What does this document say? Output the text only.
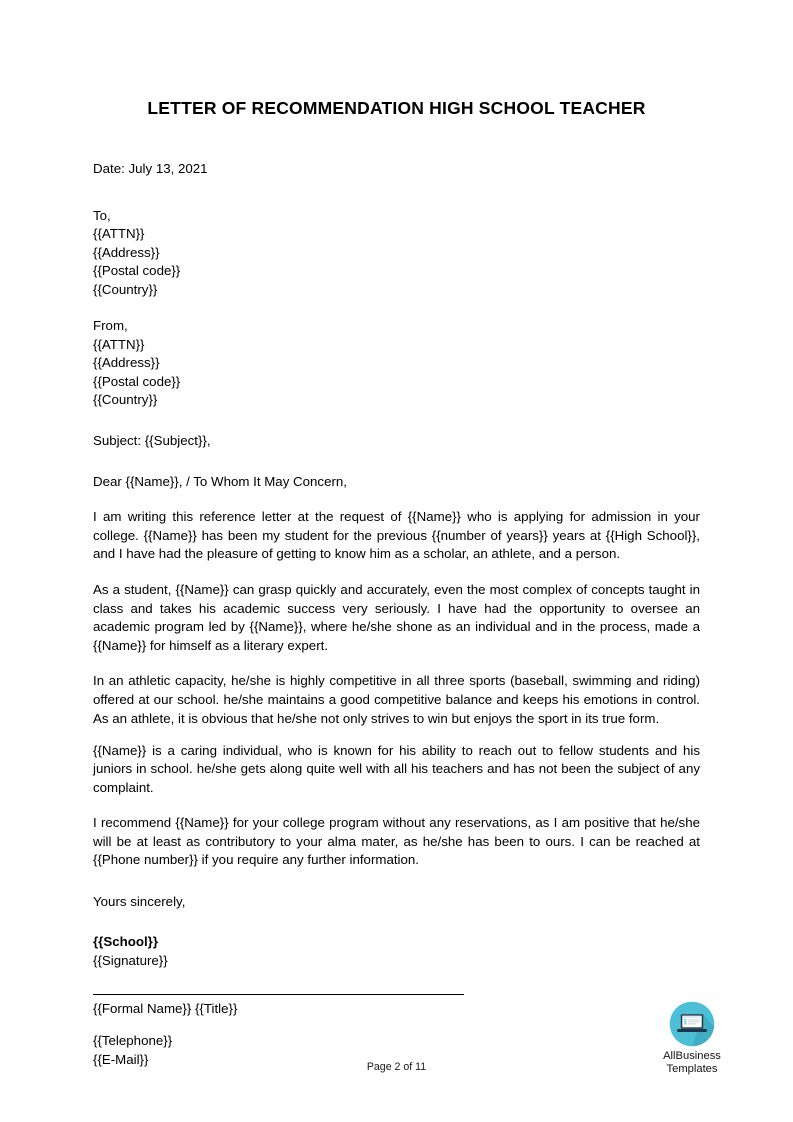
LETTER OF RECOMMENDATION HIGH SCHOOL TEACHER
Date: July 13, 2021
To,
{{ATTN}}
{{Address}}
{{Postal code}}
{{Country}}
From,
{{ATTN}}
{{Address}}
{{Postal code}}
{{Country}}
Subject: {{Subject}},
Dear {{Name}}, / To Whom It May Concern,

I am writing this reference letter at the request of {{Name}} who is applying for admission in your college. {{Name}} has been my student for the previous {{number of years}} years at {{High School}}, and I have had the pleasure of getting to know him as a scholar, an athlete, and a person.

As a student, {{Name}} can grasp quickly and accurately, even the most complex of concepts taught in class and takes his academic success very seriously. I have had the opportunity to oversee an academic program led by {{Name}}, where he/she shone as an individual and in the process, made a {{Name}} for himself as a literary expert.

In an athletic capacity, he/she is highly competitive in all three sports (baseball, swimming and riding) offered at our school. he/she maintains a good competitive balance and keeps his emotions in control. As an athlete, it is obvious that he/she not only strives to win but enjoys the sport in its true form.

{{Name}} is a caring individual, who is known for his ability to reach out to fellow students and his juniors in school. he/she gets along quite well with all his teachers and has not been the subject of any complaint.

I recommend {{Name}} for your college program without any reservations, as I am positive that he/she will be at least as contributory to your alma mater, as he/she has been to ours. I can be reached at {{Phone number}} if you require any further information.

Yours sincerely,
{{School}}
{{Signature}}
{{Formal Name}} {{Title}}
{{Telephone}}
{{E-Mail}}
Page 2 of 11
AllBusiness
Templates
